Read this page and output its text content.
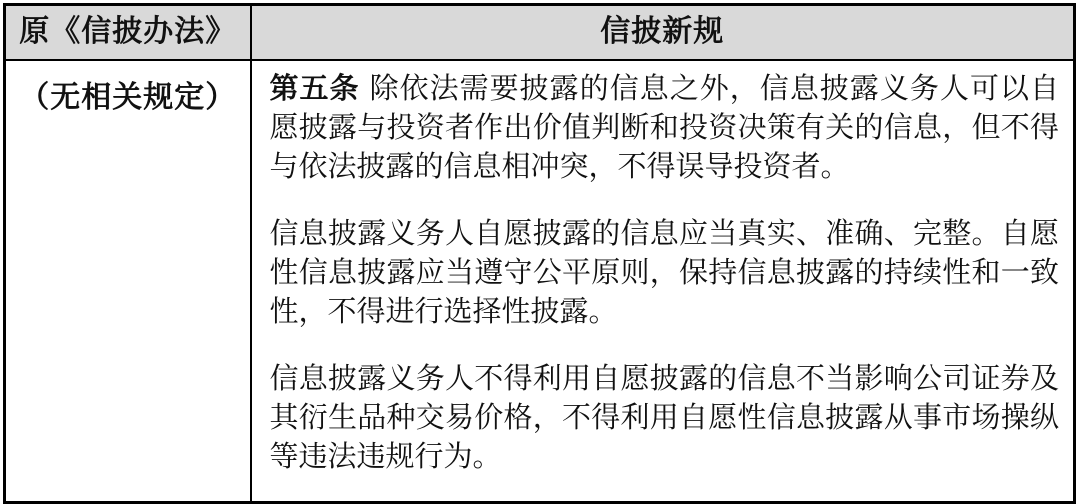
原《信披办法》	信披新规
（无相关规定）	第五条 除依法需要披露的信息之外，信息披露义务人可以自愿披露与投资者作出价值判断和投资决策有关的信息，但不得与依法披露的信息相冲突，不得误导投资者。

信息披露义务人自愿披露的信息应当真实、准确、完整。自愿性信息披露应当遵守公平原则，保持信息披露的持续性和一致性，不得进行选择性披露。

信息披露义务人不得利用自愿披露的信息不当影响公司证券及其衍生品种交易价格，不得利用自愿性信息披露从事市场操纵等违法违规行为。
